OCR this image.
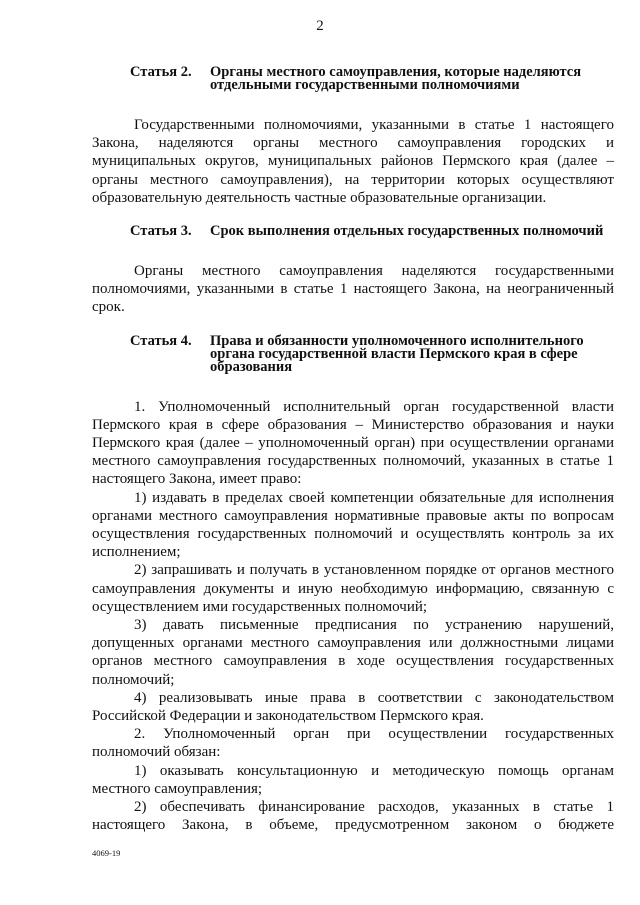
2
Статья 2.	Органы местного самоуправления, которые наделяются отдельными государственными полномочиями

Государственными полномочиями, указанными в статье 1 настоящего Закона, наделяются органы местного самоуправления городских и муниципальных округов, муниципальных районов Пермского края (далее – органы местного самоуправления), на территории которых осуществляют образовательную деятельность частные образовательные организации.

Статья 3.	Срок выполнения отдельных государственных полномочий

Органы местного самоуправления наделяются государственными полномочиями, указанными в статье 1 настоящего Закона, на неограниченный срок.

Статья 4.	Права и обязанности уполномоченного исполнительного органа государственной власти Пермского края в сфере образования

1. Уполномоченный исполнительный орган государственной власти Пермского края в сфере образования – Министерство образования и науки Пермского края (далее – уполномоченный орган) при осуществлении органами местного самоуправления государственных полномочий, указанных в статье 1 настоящего Закона, имеет право:

1) издавать в пределах своей компетенции обязательные для исполнения органами местного самоуправления нормативные правовые акты по вопросам осуществления государственных полномочий и осуществлять контроль за их исполнением;

2) запрашивать и получать в установленном порядке от органов местного самоуправления документы и иную необходимую информацию, связанную с осуществлением ими государственных полномочий;

3) давать письменные предписания по устранению нарушений, допущенных органами местного самоуправления или должностными лицами органов местного самоуправления в ходе осуществления государственных полномочий;

4) реализовывать иные права в соответствии с законодательством Российской Федерации и законодательством Пермского края.

2. Уполномоченный орган при осуществлении государственных полномочий обязан:

1) оказывать консультационную и методическую помощь органам местного самоуправления;

2) обеспечивать финансирование расходов, указанных в статье 1 настоящего Закона, в объеме, предусмотренном законом о бюджете

4069-19
